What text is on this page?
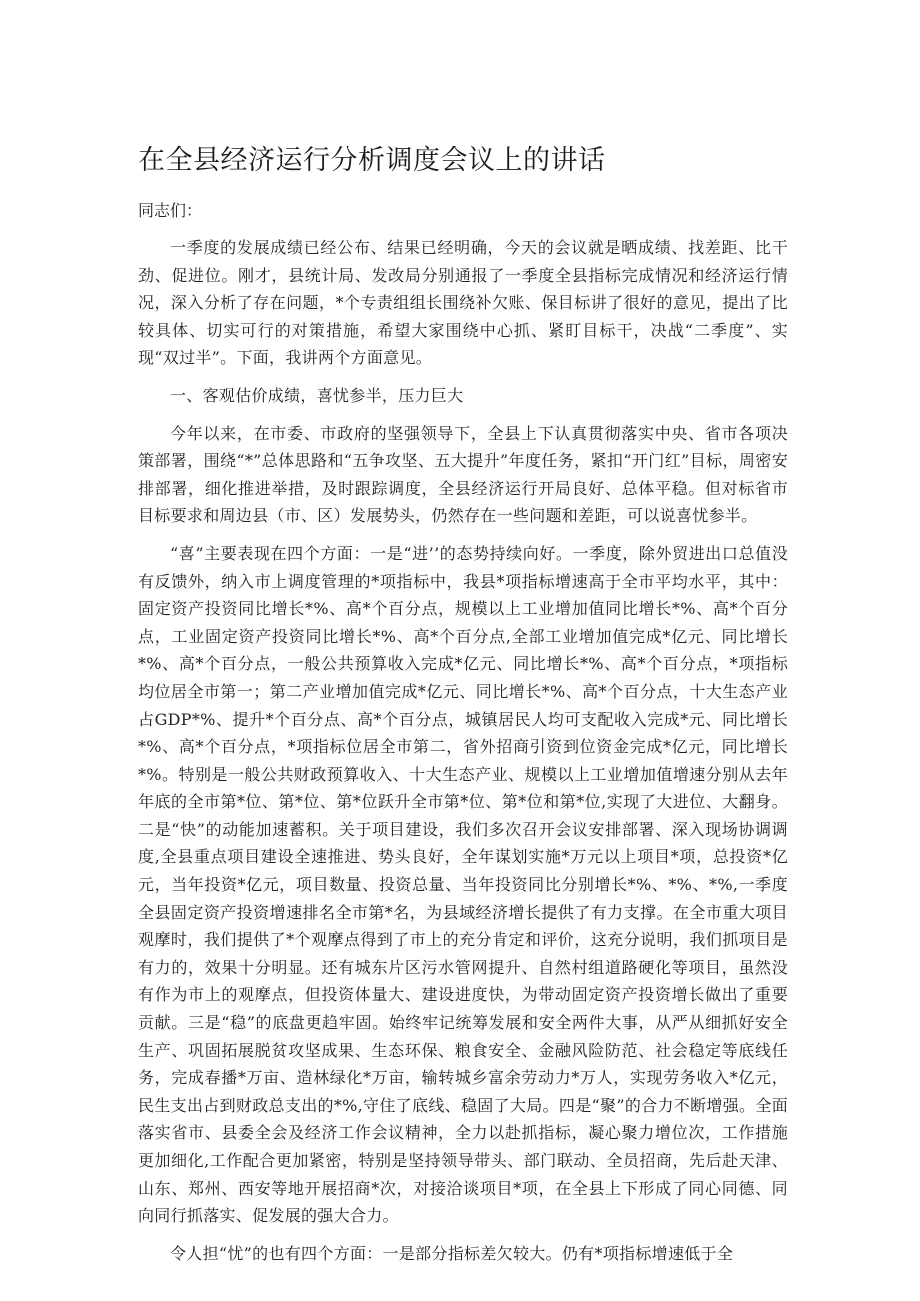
在全县经济运行分析调度会议上的讲话

同志们：

一季度的发展成绩已经公布、结果已经明确，今天的会议就是晒成绩、找差距、比干劲、促进位。刚才，县统计局、发改局分别通报了一季度全县指标完成情况和经济运行情况，深入分析了存在问题，*个专责组组长围绕补欠账、保目标讲了很好的意见，提出了比较具体、切实可行的对策措施，希望大家围绕中心抓、紧盯目标干，决战“二季度”、实现“双过半”。下面，我讲两个方面意见。

一、客观估价成绩，喜忧参半，压力巨大

今年以来，在市委、市政府的坚强领导下，全县上下认真贯彻落实中央、省市各项决策部署，围绕“*”总体思路和“五争攻坚、五大提升”年度任务，紧扣“开门红”目标，周密安排部署，细化推进举措，及时跟踪调度，全县经济运行开局良好、总体平稳。但对标省市目标要求和周边县（市、区）发展势头，仍然存在一些问题和差距，可以说喜忧参半。

“喜”主要表现在四个方面：一是“进’’的态势持续向好。一季度，除外贸进出口总值没有反馈外，纳入市上调度管理的*项指标中，我县*项指标增速高于全市平均水平，其中：固定资产投资同比增长*%、高*个百分点，规模以上工业增加值同比增长*%、高*个百分点，工业固定资产投资同比增长*%、高*个百分点,全部工业增加值完成*亿元、同比增长*%、高*个百分点，一般公共预算收入完成*亿元、同比增长*%、高*个百分点，*项指标均位居全市第一；第二产业增加值完成*亿元、同比增长*%、高*个百分点，十大生态产业占GDP*%、提升*个百分点、高*个百分点，城镇居民人均可支配收入完成*元、同比增长*%、高*个百分点，*项指标位居全市第二，省外招商引资到位资金完成*亿元，同比增长*%。特别是一般公共财政预算收入、十大生态产业、规模以上工业增加值增速分别从去年年底的全市第*位、第*位、第*位跃升全市第*位、第*位和第*位,实现了大进位、大翻身。二是“快”的动能加速蓄积。关于项目建设，我们多次召开会议安排部署、深入现场协调调度,全县重点项目建设全速推进、势头良好，全年谋划实施*万元以上项目*项，总投资*亿元，当年投资*亿元，项目数量、投资总量、当年投资同比分别增长*%、*%、*%,一季度全县固定资产投资增速排名全市第*名，为县域经济增长提供了有力支撑。在全市重大项目观摩时，我们提供了*个观摩点得到了市上的充分肯定和评价，这充分说明，我们抓项目是有力的，效果十分明显。还有城东片区污水管网提升、自然村组道路硬化等项目，虽然没有作为市上的观摩点，但投资体量大、建设进度快，为带动固定资产投资增长做出了重要贡献。三是“稳”的底盘更趋牢固。始终牢记统筹发展和安全两件大事，从严从细抓好安全生产、巩固拓展脱贫攻坚成果、生态环保、粮食安全、金融风险防范、社会稳定等底线任务，完成春播*万亩、造林绿化*万亩，输转城乡富余劳动力*万人，实现劳务收入*亿元，民生支出占到财政总支出的*%,守住了底线、稳固了大局。四是“聚”的合力不断增强。全面落实省市、县委全会及经济工作会议精神，全力以赴抓指标，凝心聚力增位次，工作措施更加细化,工作配合更加紧密，特别是坚持领导带头、部门联动、全员招商，先后赴天津、山东、郑州、西安等地开展招商*次，对接洽谈项目*项，在全县上下形成了同心同德、同向同行抓落实、促发展的强大合力。

令人担“忧”的也有四个方面：一是部分指标差欠较大。仍有*项指标增速低于全
